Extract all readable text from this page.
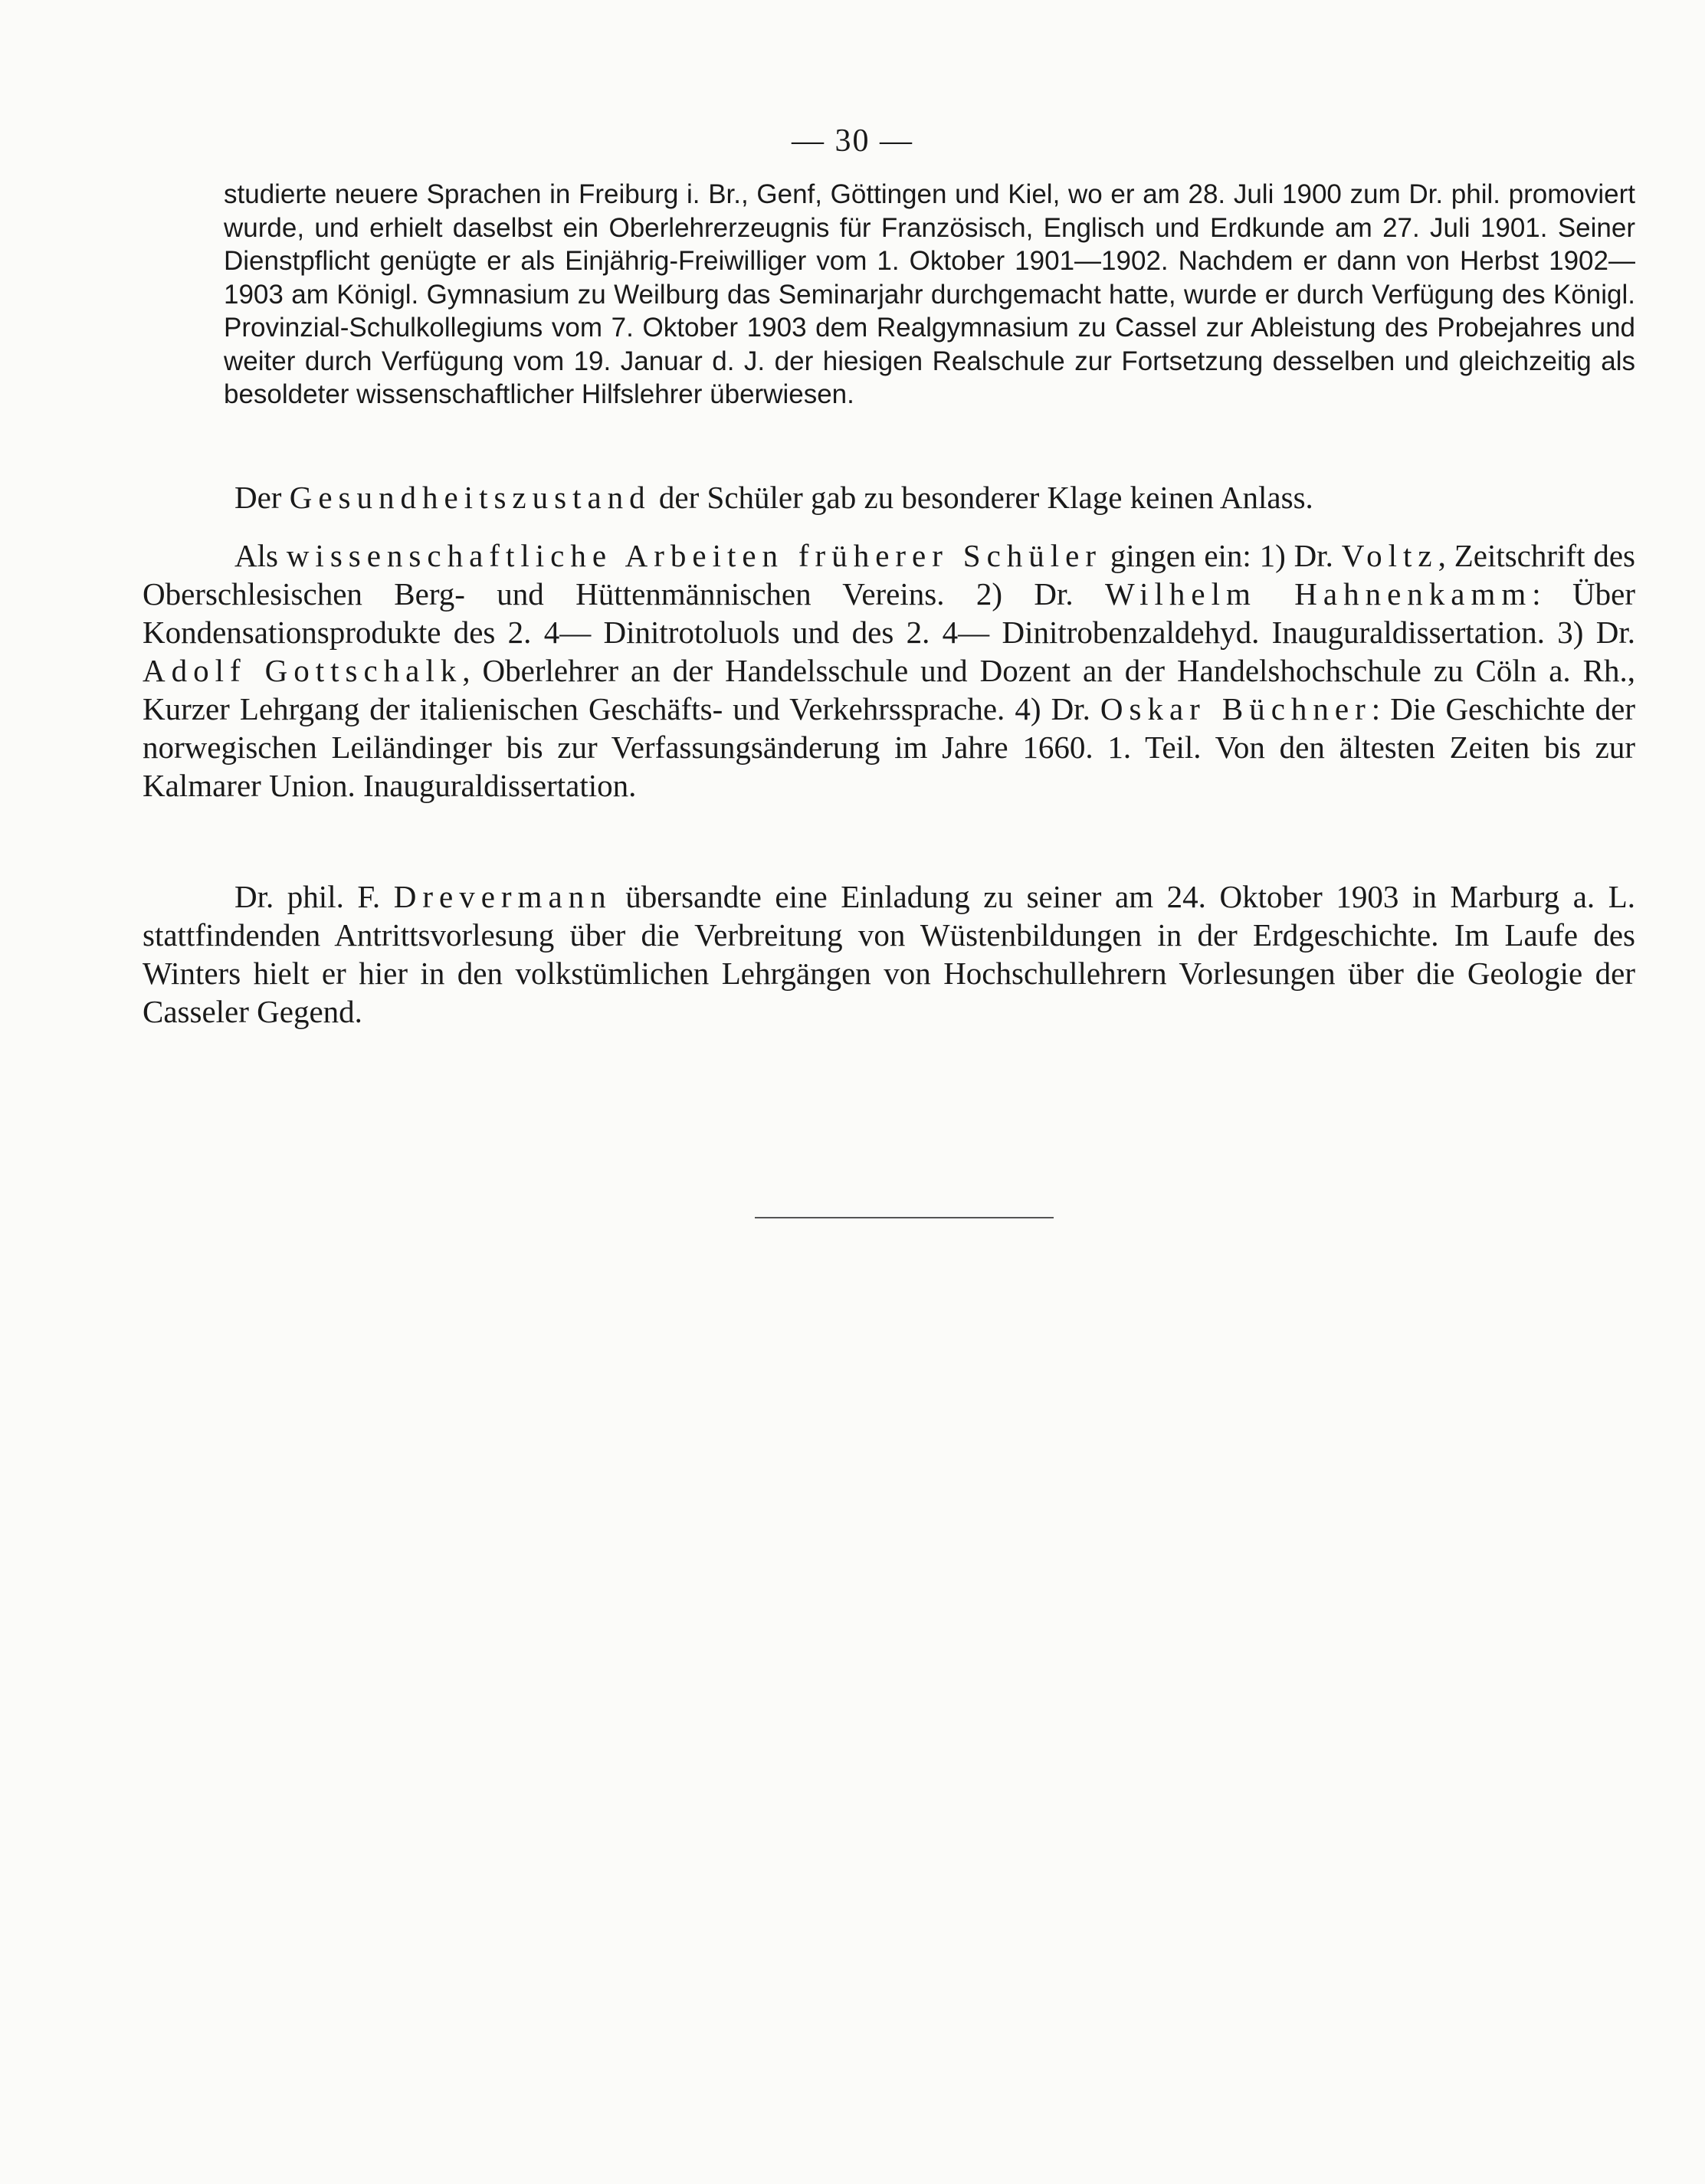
— 30 —

studierte neuere Sprachen in Freiburg i. Br., Genf, Göttingen und Kiel, wo er am 28. Juli 1900 zum Dr. phil. promoviert wurde, und erhielt daselbst ein Oberlehrerzeugnis für Französisch, Englisch und Erdkunde am 27. Juli 1901. Seiner Dienstpflicht genügte er als Einjährig-Freiwilliger vom 1. Oktober 1901—1902. Nachdem er dann von Herbst 1902—1903 am Königl. Gymnasium zu Weilburg das Seminarjahr durchgemacht hatte, wurde er durch Verfügung des Königl. Provinzial-Schulkollegiums vom 7. Oktober 1903 dem Realgymnasium zu Cassel zur Ableistung des Probejahres und weiter durch Verfügung vom 19. Januar d. J. der hiesigen Realschule zur Fortsetzung desselben und gleichzeitig als besoldeter wissenschaftlicher Hilfslehrer überwiesen.

Der Gesundheitszustand der Schüler gab zu besonderer Klage keinen Anlass.

Als wissenschaftliche Arbeiten früherer Schüler gingen ein: 1) Dr. Voltz, Zeitschrift des Oberschlesischen Berg- und Hüttenmännischen Vereins. 2) Dr. Wilhelm Hahnenkamm: Über Kondensationsprodukte des 2. 4— Dinitrotoluols und des 2. 4— Dinitrobenzaldehyd. Inauguraldissertation. 3) Dr. Adolf Gottschalk, Oberlehrer an der Handelsschule und Dozent an der Handelshochschule zu Cöln a. Rh., Kurzer Lehrgang der italienischen Geschäfts- und Verkehrssprache. 4) Dr. Oskar Büchner: Die Geschichte der norwegischen Leiländinger bis zur Verfassungsänderung im Jahre 1660. 1. Teil. Von den ältesten Zeiten bis zur Kalmarer Union. Inauguraldissertation.

Dr. phil. F. Drevermann übersandte eine Einladung zu seiner am 24. Oktober 1903 in Marburg a. L. stattfindenden Antrittsvorlesung über die Verbreitung von Wüstenbildungen in der Erdgeschichte. Im Laufe des Winters hielt er hier in den volkstümlichen Lehrgängen von Hochschullehrern Vorlesungen über die Geologie der Casseler Gegend.
